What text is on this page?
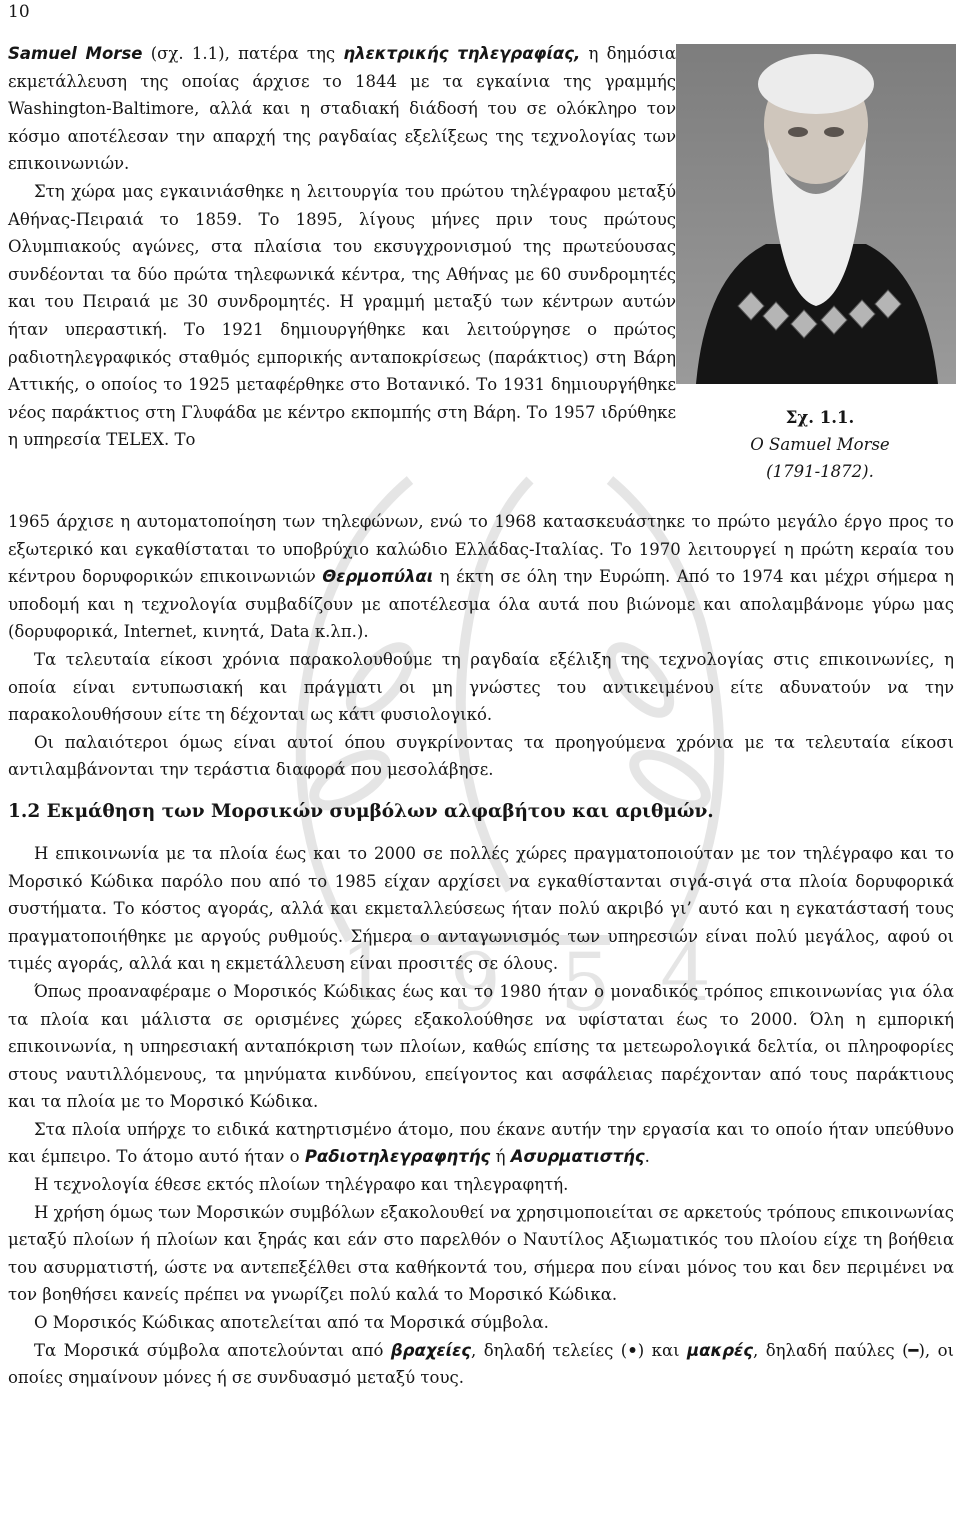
1 9 5 4
10

Samuel Morse (σχ. 1.1), πατέρα της ηλεκτρικής τηλεγραφίας, η δημόσια εκμετάλλευση της οποίας άρχισε το 1844 με τα εγκαίνια της γραμμής Washington-Baltimore, αλλά και η σταδιακή διάδοσή του σε ολόκληρο τον κόσμο αποτέλεσαν την απαρχή της ραγδαίας εξελίξεως της τεχνολογίας των επικοινωνιών.

Στη χώρα μας εγκαινιάσθηκε η λειτουργία του πρώτου τηλέγραφου μεταξύ Αθήνας-Πειραιά το 1859. Το 1895, λίγους μήνες πριν τους πρώτους Ολυμπιακούς αγώνες, στα πλαίσια του εκσυγχρονισμού της πρωτεύουσας συνδέονται τα δύο πρώτα τηλεφωνικά κέντρα, της Αθήνας με 60 συνδρομητές και του Πειραιά με 30 συνδρομητές. Η γραμμή μεταξύ των κέντρων αυτών ήταν υπεραστική. Το 1921 δημιουργήθηκε και λειτούργησε ο πρώτος ραδιοτηλεγραφικός σταθμός εμπορικής ανταποκρίσεως (παράκτιος) στη Βάρη Αττικής, ο οποίος το 1925 μεταφέρθηκε στο Βοτανικό. Το 1931 δημιουργήθηκε νέος παράκτιος στη Γλυφάδα με κέντρο εκπομπής στη Βάρη. Το 1957 ιδρύθηκε η υπηρεσία TELEX. Το

Σχ. 1.1.
Ο Samuel Morse
(1791-1872).

1965 άρχισε η αυτοματοποίηση των τηλεφώνων, ενώ το 1968 κατασκευάστηκε το πρώτο μεγάλο έργο προς το εξωτερικό και εγκαθίσταται το υποβρύχιο καλώδιο Ελλάδας-Ιταλίας. Το 1970 λειτουργεί η πρώτη κεραία του κέντρου δορυφορικών επικοινωνιών Θερμοπύλαι η έκτη σε όλη την Ευρώπη. Από το 1974 και μέχρι σήμερα η υποδομή και η τεχνολογία συμβαδίζουν με αποτέλεσμα όλα αυτά που βιώνομε και απολαμβάνομε γύρω μας (δορυφορικά, Internet, κινητά, Data κ.λπ.).

Τα τελευταία είκοσι χρόνια παρακολουθούμε τη ραγδαία εξέλιξη της τεχνολογίας στις επικοινωνίες, η οποία είναι εντυπωσιακή και πράγματι οι μη γνώστες του αντικειμένου είτε αδυνατούν να την παρακολουθήσουν είτε τη δέχονται ως κάτι φυσιολογικό.

Οι παλαιότεροι όμως είναι αυτοί όπου συγκρίνοντας τα προηγούμενα χρόνια με τα τελευταία είκοσι αντιλαμβάνονται την τεράστια διαφορά που μεσολάβησε.

1.2 Εκμάθηση των Μορσικών συμβόλων αλφαβήτου και αριθμών.

Η επικοινωνία με τα πλοία έως και το 2000 σε πολλές χώρες πραγματοποιούταν με τον τηλέγραφο και το Μορσικό Κώδικα παρόλο που από το 1985 είχαν αρχίσει να εγκαθίστανται σιγά-σιγά στα πλοία δορυφορικά συστήματα. Το κόστος αγοράς, αλλά και εκμεταλλεύσεως ήταν πολύ ακριβό γι’ αυτό και η εγκατάστασή τους πραγματοποιήθηκε με αργούς ρυθμούς. Σήμερα ο ανταγωνισμός των υπηρεσιών είναι πολύ μεγάλος, αφού οι τιμές αγοράς, αλλά και η εκμετάλλευση είναι προσιτές σε όλους.

Όπως προαναφέραμε ο Μορσικός Κώδικας έως και το 1980 ήταν ο μοναδικός τρόπος επικοινωνίας για όλα τα πλοία και μάλιστα σε ορισμένες χώρες εξακολούθησε να υφίσταται έως το 2000. Όλη η εμπορική επικοινωνία, η υπηρεσιακή ανταπόκριση των πλοίων, καθώς επίσης τα μετεωρολογικά δελτία, οι πληροφορίες στους ναυτιλλόμενους, τα μηνύματα κινδύνου, επείγοντος και ασφάλειας παρέχονταν από τους παράκτιους και τα πλοία με το Μορσικό Κώδικα.

Στα πλοία υπήρχε το ειδικά κατηρτισμένο άτομο, που έκανε αυτήν την εργασία και το οποίο ήταν υπεύθυνο και έμπειρο. Το άτομο αυτό ήταν ο Ραδιοτηλεγραφητής ή Ασυρματιστής.

Η τεχνολογία έθεσε εκτός πλοίων τηλέγραφο και τηλεγραφητή.

Η χρήση όμως των Μορσικών συμβόλων εξακολουθεί να χρησιμοποιείται σε αρκετούς τρόπους επικοινωνίας μεταξύ πλοίων ή πλοίων και ξηράς και εάν στο παρελθόν ο Ναυτίλος Αξιωματικός του πλοίου είχε τη βοήθεια του ασυρματιστή, ώστε να αντεπεξέλθει στα καθήκοντά του, σήμερα που είναι μόνος του και δεν περιμένει να τον βοηθήσει κανείς πρέπει να γνωρίζει πολύ καλά το Μορσικό Κώδικα.

Ο Μορσικός Κώδικας αποτελείται από τα Μορσικά σύμβολα.

Τα Μορσικά σύμβολα αποτελούνται από βραχείες, δηλαδή τελείες (•) και μακρές, δηλαδή παύλες (━), οι οποίες σημαίνουν μόνες ή σε συνδυασμό μεταξύ τους.
